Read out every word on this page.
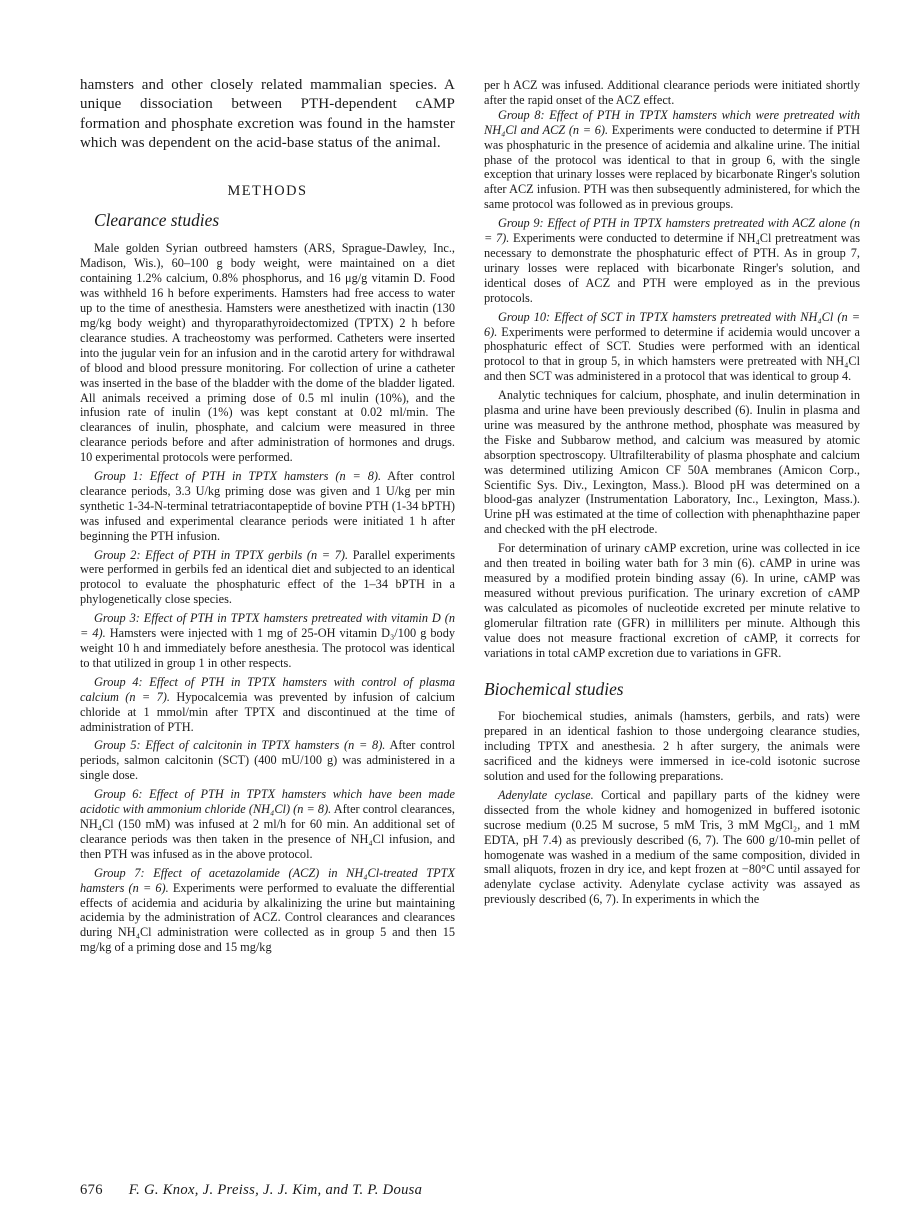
hamsters and other closely related mammalian species. A unique dissociation between PTH-dependent cAMP formation and phosphate excretion was found in the hamster which was dependent on the acid-base status of the animal.

METHODS

Clearance studies

Male golden Syrian outbreed hamsters (ARS, Sprague-Dawley, Inc., Madison, Wis.), 60–100 g body weight, were maintained on a diet containing 1.2% calcium, 0.8% phosphorus, and 16 μg/g vitamin D. Food was withheld 16 h before experiments. Hamsters had free access to water up to the time of anesthesia. Hamsters were anesthetized with inactin (130 mg/kg body weight) and thyroparathyroidectomized (TPTX) 2 h before clearance studies. A tracheostomy was performed. Catheters were inserted into the jugular vein for an infusion and in the carotid artery for withdrawal of blood and blood pressure monitoring. For collection of urine a catheter was inserted in the base of the bladder with the dome of the bladder ligated. All animals received a priming dose of 0.5 ml inulin (10%), and the infusion rate of inulin (1%) was kept constant at 0.02 ml/min. The clearances of inulin, phosphate, and calcium were measured in three clearance periods before and after administration of hormones and drugs. 10 experimental protocols were performed.

Group 1: Effect of PTH in TPTX hamsters (n = 8). After control clearance periods, 3.3 U/kg priming dose was given and 1 U/kg per min synthetic 1-34-N-terminal tetratriacontapeptide of bovine PTH (1-34 bPTH) was infused and experimental clearance periods were initiated 1 h after beginning the PTH infusion.

Group 2: Effect of PTH in TPTX gerbils (n = 7). Parallel experiments were performed in gerbils fed an identical diet and subjected to an identical protocol to evaluate the phosphaturic effect of the 1–34 bPTH in a phylogenetically close species.

Group 3: Effect of PTH in TPTX hamsters pretreated with vitamin D (n = 4). Hamsters were injected with 1 mg of 25-OH vitamin D₃/100 g body weight 10 h and immediately before anesthesia. The protocol was identical to that utilized in group 1 in other respects.

Group 4: Effect of PTH in TPTX hamsters with control of plasma calcium (n = 7). Hypocalcemia was prevented by infusion of calcium chloride at 1 mmol/min after TPTX and discontinued at the time of administration of PTH.

Group 5: Effect of calcitonin in TPTX hamsters (n = 8). After control periods, salmon calcitonin (SCT) (400 mU/100 g) was administered in a single dose.

Group 6: Effect of PTH in TPTX hamsters which have been made acidotic with ammonium chloride (NH₄Cl) (n = 8). After control clearances, NH₄Cl (150 mM) was infused at 2 ml/h for 60 min. An additional set of clearance periods was then taken in the presence of NH₄Cl infusion, and then PTH was infused as in the above protocol.

Group 7: Effect of acetazolamide (ACZ) in NH₄Cl-treated TPTX hamsters (n = 6). Experiments were performed to evaluate the differential effects of acidemia and aciduria by alkalinizing the urine but maintaining acidemia by the administration of ACZ. Control clearances and clearances during NH₄Cl administration were collected as in group 5 and then 15 mg/kg of a priming dose and 15 mg/kg

per h ACZ was infused. Additional clearance periods were initiated shortly after the rapid onset of the ACZ effect.

Group 8: Effect of PTH in TPTX hamsters which were pretreated with NH₄Cl and ACZ (n = 6). Experiments were conducted to determine if PTH was phosphaturic in the presence of acidemia and alkaline urine. The initial phase of the protocol was identical to that in group 6, with the single exception that urinary losses were replaced by bicarbonate Ringer's solution after ACZ infusion. PTH was then subsequently administered, for which the same protocol was followed as in previous groups.

Group 9: Effect of PTH in TPTX hamsters pretreated with ACZ alone (n = 7). Experiments were conducted to determine if NH₄Cl pretreatment was necessary to demonstrate the phosphaturic effect of PTH. As in group 7, urinary losses were replaced with bicarbonate Ringer's solution, and identical doses of ACZ and PTH were employed as in the previous protocols.

Group 10: Effect of SCT in TPTX hamsters pretreated with NH₄Cl (n = 6). Experiments were performed to determine if acidemia would uncover a phosphaturic effect of SCT. Studies were performed with an identical protocol to that in group 5, in which hamsters were pretreated with NH₄Cl and then SCT was administered in a protocol that was identical to group 4.

Analytic techniques for calcium, phosphate, and inulin determination in plasma and urine have been previously described (6). Inulin in plasma and urine was measured by the anthrone method, phosphate was measured by the Fiske and Subbarow method, and calcium was measured by atomic absorption spectroscopy. Ultrafilterability of plasma phosphate and calcium was determined utilizing Amicon CF 50A membranes (Amicon Corp., Scientific Sys. Div., Lexington, Mass.). Blood pH was determined on a blood-gas analyzer (Instrumentation Laboratory, Inc., Lexington, Mass.). Urine pH was estimated at the time of collection with phenaphthazine paper and checked with the pH electrode.

For determination of urinary cAMP excretion, urine was collected in ice and then treated in boiling water bath for 3 min (6). cAMP in urine was measured by a modified protein binding assay (6). In urine, cAMP was measured without previous purification. The urinary excretion of cAMP was calculated as picomoles of nucleotide excreted per minute relative to glomerular filtration rate (GFR) in milliliters per minute. Although this value does not measure fractional excretion of cAMP, it corrects for variations in total cAMP excretion due to variations in GFR.

Biochemical studies

For biochemical studies, animals (hamsters, gerbils, and rats) were prepared in an identical fashion to those undergoing clearance studies, including TPTX and anesthesia. 2 h after surgery, the animals were sacrificed and the kidneys were immersed in ice-cold isotonic sucrose solution and used for the following preparations.

Adenylate cyclase. Cortical and papillary parts of the kidney were dissected from the whole kidney and homogenized in buffered isotonic sucrose medium (0.25 M sucrose, 5 mM Tris, 3 mM MgCl₂, and 1 mM EDTA, pH 7.4) as previously described (6, 7). The 600 g/10-min pellet of homogenate was washed in a medium of the same composition, divided in small aliquots, frozen in dry ice, and kept frozen at −80°C until assayed for adenylate cyclase activity. Adenylate cyclase activity was assayed as previously described (6, 7). In experiments in which the

676 F. G. Knox, J. Preiss, J. J. Kim, and T. P. Dousa
